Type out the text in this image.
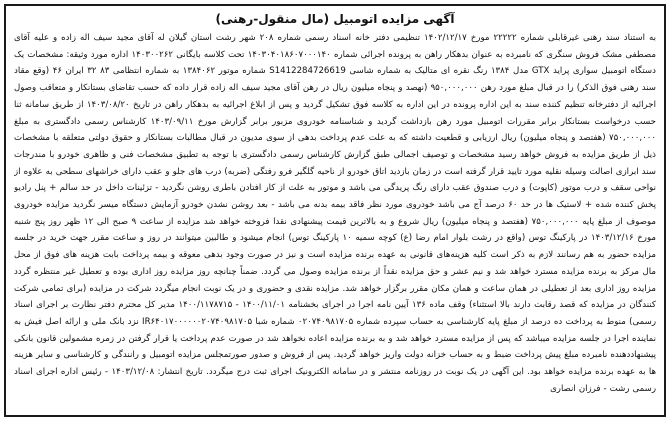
آگهی مزایده اتومبیل (مال منقول-رهنی)
به استناد سند رهنی غیرقابلی شماره ۲۲۲۲۲ مورخ ۱۴۰۲/۱۲/۱۷ تنظیمی دفتر خانه اسناد رسمی شماره ۲۰۸ شهر رشت استان گیلان له آقای مجید سیف اله زاده و علیه آقای مصطفی مشک فروش سنگری که نامبرده به عنوان بدهکار راهن به پرونده اجرائی شماره ۱۴۰۳۰۴۰۱۸۶۰۷۰۰۰۱۴۰ تحت کلاسه بایگانی ۱۴۰۳۰۰۲۶۲ اداره مورد وثیقه: مشخصات یک دستگاه اتومبیل سواری پراید GTX مدل ۱۳۸۴ رنگ نقره ای متالیک به شماره شاسی S1412284726619 شماره موتور ۱۳۸۴۰۶۲ به شماره انتظامی ۸۳ ۳۲ ایران ۴۶ (وقع مقاد سند رهنی فوق الذکر) را در قبال مبلغ مورد رهن ۹۵۰,۰۰۰,۰۰۰ (نهصد و پنجاه میلیون ریال در رهن آقای مجید سیف اله زاده قرار داده که حسب تقاضای بستانکار و متعاقب وصول اجرائیه از دفترخانه تنظیم کننده سند به این اداره پرونده در این اداره به کلاسه فوق تشکیل گردید و پس از ابلاغ اجرائیه به بدهکار راهن در تاریخ ۱۴۰۳/۰۸/۲۰ از طریق سامانه ثنا حسب درخواست بستانکار برابر مقررات اتومبیل مورد رهن بازداشت گردید و شناسنامه خودروی مزبور برابر گزارش مورخ ۱۴۰۳/۰۹/۱۱ کارشناس رسمی دادگستری به مبلغ ۷۵۰,۰۰۰,۰۰۰ (هفتصد و پنجاه میلیون) ریال ارزیابی و قطعیت داشته که به علت عدم پرداخت بدهی از سوی مدیون در قبال مطالبات بستانکار و حقوق دولتی متعلقه با مشخصات ذیل از طریق مزایده به فروش خواهد رسید مشخصات و توصیف اجمالی طبق گزارش کارشناس رسمی دادگستری با توجه به تطبیق مشخصات فنی و ظاهری خودرو با مندرجات سند ابرازی اصالت وسیله نقلیه مورد تایید قرار گرفته است در زمان بازدید اتاق خودرو از ناحیه گلگیر فرو رفتگی (ضربه) درب های جلو و عقب دارای خراشهای سطحی به علاوه از نواحی سقف و درب موتور (کاپوت) و درب صندوق عقب دارای رنگ پریدگی می باشد و موتور به علت از کار افتادن باطری روشن نگردید - تزئینات داخل در حد سالم + پنل رادیو پخش کننده شده + لاستیک ها در حد ۶۰ درصد آج می باشد خودروی مورد نظر فاقد بیمه بدنه می باشد - بعد روشن نشدن خودرو آزمایش دستگاه میسر نگردید مزایده خودروی موصوف از مبلغ پایه ۷۵۰,۰۰۰,۰۰۰ (هفتصد و پنجاه میلیون) ریال شروع و به بالاترین قیمت پیشنهادی نقدا فروخته خواهد شد مزایده از ساعت ۹ صبح الی ۱۲ ظهر روز پنج شنبه مورخ ۱۴۰۳/۱۲/۱۶ در پارکینگ توس (واقع در رشت بلوار امام رضا (ع) کوچه سمیه ۱۰ پارکینگ توس) انجام میشود و طالبین میتوانند در روز و ساعت مقرر جهت خرید در جلسه مزایده حضور به هم رسانند لازم به ذکر است کلیه هزینه‌های قانونی به عهده برنده مزایده است و نیز در صورت وجود بدهی معوقه و بیمه پرداخت بابت هزینه های فوق از محل مال مرکز به برنده مزایده مسترد خواهد شد و نیم عشر و حق مزایده نقداً از برنده مزایده وصول می گردد. ضمناً چنانچه روز مزایده روز اداری بوده و تعطیل غیر منتظره گردد مزایده روز اداری بعد از تعطیلی در همان ساعت و همان مکان مقرر برگزار خواهد شد. مزایده نقدی و حضوری و در یک نوبت انجام میگردد شرکت در مزایده (برای تمامی شرکت کنندگان در مزایده که قصد رقابت دارند بالا استثناء) وقف ماده ۱۳۶ آیین نامه اجرا در اجرای بخشنامه ۱۴۰۰/۱۱/۰۱ - ۱۴۰۰/۱۱۷۸۷۱۵ مدیر کل محترم دفتر نظارت بر اجرای اسناد رسمی) منوط به پرداخت ده درصد از مبلغ پایه کارشناسی به حساب سپرده شماره ۰۲۰۷۴۰۹۸۱۷۰۵ شماره شبا IR۶۴۰۱۷۰۰۰۰۰۰۲۰۷۴۰۹۸۱۷۰۵ نزد بانک ملی و ارائه اصل فیش به نماینده اجرا در جلسه مزایده میباشد که پس از مزایده مسترد خواهد شد و به برنده مزایده اعاده نخواهد شد در صورت عدم پرداخت یا قرار گرفتن در زمره مشمولین قانون بانکی پیشنهاددهنده نامبرده مبلغ پیش پرداخت ضبط و به حساب خزانه دولت واریز خواهد گردید. پس از فروش و صدور صورتمجلس مزایده اتومبیل و رانندگی و کارشناسی و سایر هزینه ها به عهده برنده مزایده خواهد بود. این آگهی در یک نوبت در روزنامه منتشر و در سامانه الکترونیک اجرای ثبت درج میگردد. تاریخ انتشار: ۱۴۰۳/۱۲/۰۸ - رئیس اداره اجرای اسناد رسمی رشت - فرزان انصاری
